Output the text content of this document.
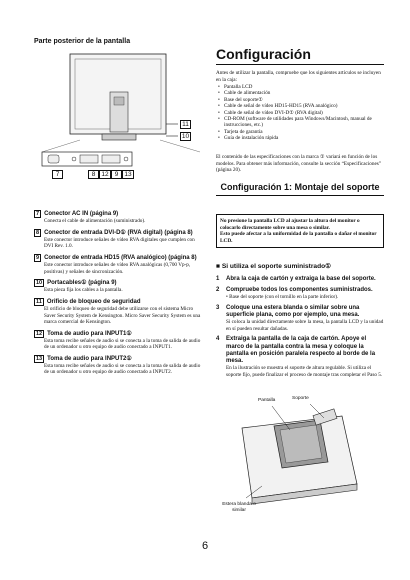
Parte posterior de la pantalla
11
10
7	8 12 9 13
7 Conector AC IN (página 9)
Conecta el cable de alimentación (suministrado).
8 Conector de entrada DVI-D① (RVA digital) (página 8)
Este conector introduce señales de vídeo RVA digitales que cumplen con DVI Rev. 1.0.
9 Conector de entrada HD15 (RVA analógico) (página 8)
Este conector introduce señales de vídeo RVA analógicas (0,700 Vp-p, positivas) y señales de sincronización.
10 Portacables① (página 9)
Esta pieza fija los cables a la pantalla.
11 Orificio de bloqueo de seguridad
El orificio de bloqueo de seguridad debe utilizarse con el sistema Micro Saver Security System de Kensington. Micro Saver Security System es una marca comercial de Kensington.
12 Toma de audio para INPUT1①
Esta toma recibe señales de audio si se conecta a la toma de salida de audio de un ordenador u otro equipo de audio conectado a INPUT1.
13 Toma de audio para INPUT2①
Esta toma recibe señales de audio si se conecta a la toma de salida de audio de un ordenador u otro equipo de audio conectado a INPUT2.
Configuración
Antes de utilizar la pantalla, compruebe que los siguientes artículos se incluyen en la caja:
• Pantalla LCD
• Cable de alimentación
• Base del soporte①
• Cable de señal de vídeo HD15-HD15 (RVA analógico)
• Cable de señal de vídeo DVI-D① (RVA digital)
• CD-ROM (software de utilidades para Windows/Macintosh, manual de instrucciones, etc.)
• Tarjeta de garantía
• Guía de instalación rápida
El contenido de las especificaciones con la marca ① variará en función de los modelos. Para obtener más información, consulte la sección “Especificaciones” (página 20).
Configuración 1: Montaje del soporte
No presione la pantalla LCD al ajustar la altura del monitor o colocarlo directamente sobre una mesa o similar.
Esto puede afectar a la uniformidad de la pantalla o dañar el monitor LCD.
■ Si utiliza el soporte suministrado①
1 Abra la caja de cartón y extraiga la base del soporte.
2 Compruebe todos los componentes suministrados.
• Base del soporte (con el tornillo en la parte inferior).
3 Coloque una estera blanda o similar sobre una superficie plana, como por ejemplo, una mesa.
Si coloca la unidad directamente sobre la mesa, la pantalla LCD y la unidad en sí pueden resultar dañadas.
4 Extraiga la pantalla de la caja de cartón. Apoye el marco de la pantalla contra la mesa y coloque la pantalla en posición paralela respecto al borde de la mesa.
En la ilustración se muestra el soporte de altura regulable. Si utiliza el soporte fijo, puede finalizar el proceso de montaje tras completar el Paso 5.
Pantalla	Soporte
Estera blanda o similar
6
